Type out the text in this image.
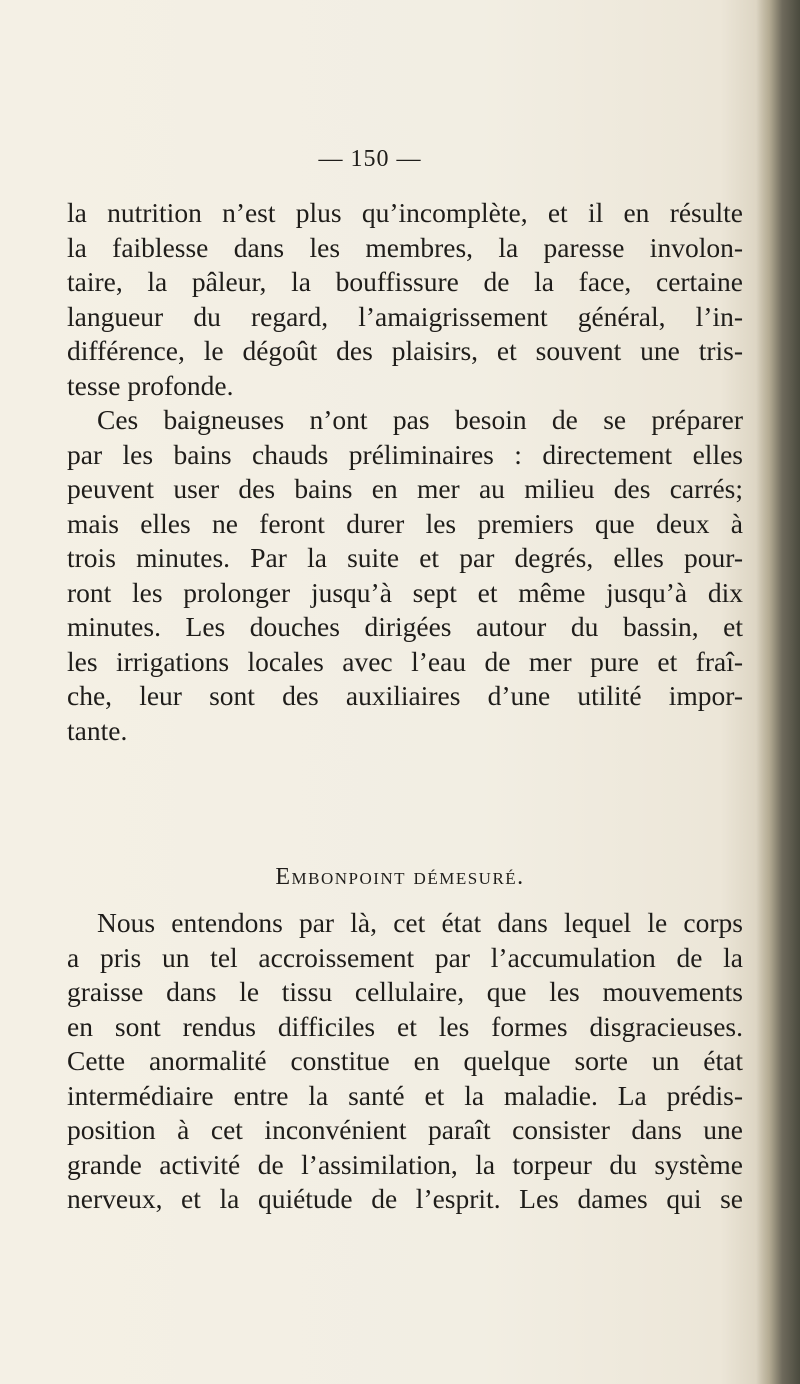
— 150 —
la nutrition n’est plus qu’incomplète, et il en résulte
la faiblesse dans les membres, la paresse involon-
taire, la pâleur, la bouffissure de la face, certaine
langueur du regard, l’amaigrissement général, l’in-
différence, le dégoût des plaisirs, et souvent une tris-
tesse profonde.
Ces baigneuses n’ont pas besoin de se préparer
par les bains chauds préliminaires : directement elles
peuvent user des bains en mer au milieu des carrés;
mais elles ne feront durer les premiers que deux à
trois minutes. Par la suite et par degrés, elles pour-
ront les prolonger jusqu’à sept et même jusqu’à dix
minutes. Les douches dirigées autour du bassin, et
les irrigations locales avec l’eau de mer pure et fraî-
che, leur sont des auxiliaires d’une utilité impor-
tante.
Embonpoint démesuré.
Nous entendons par là, cet état dans lequel le corps
a pris un tel accroissement par l’accumulation de la
graisse dans le tissu cellulaire, que les mouvements
en sont rendus difficiles et les formes disgracieuses.
Cette anormalité constitue en quelque sorte un état
intermédiaire entre la santé et la maladie. La prédis-
position à cet inconvénient paraît consister dans une
grande activité de l’assimilation, la torpeur du système
nerveux, et la quiétude de l’esprit. Les dames qui se
